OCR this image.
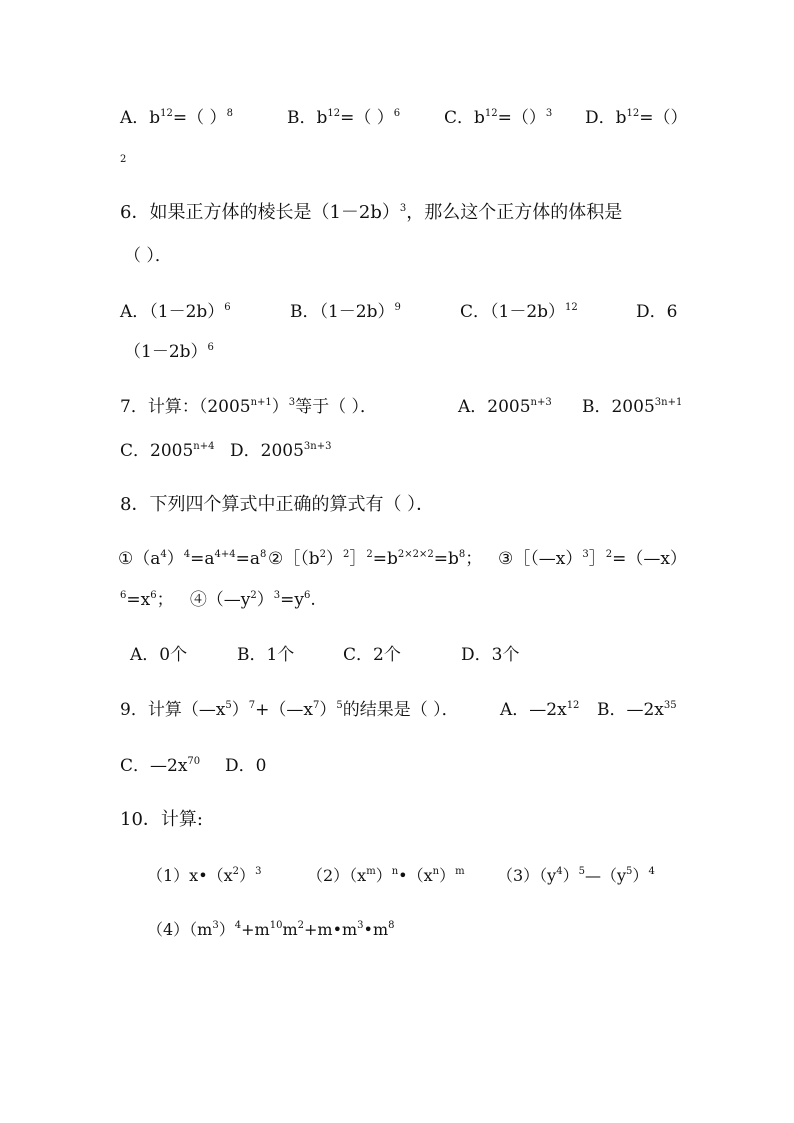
A．$b^{12}=$（ ）$^8$	B．$b^{12}=$（ ）$^6$	C．$b^{12}=()^3$ D．$b^{12}=()$
2
6．如果正方体的棱长是$(1-2b)^3$，那么这个正方体的体积是
（ ）．
A．$(1-2b)^6$	B．$(1-2b)^9$	C．$(1-2b)^{12}$	D．6
$(1-2b)^6$
7．计算：$(2005^{n+1})^3$等于（ ）．	A．$2005^{n+3}$ B．$2005^{3n+1}$
C．$2005^{n+4}$ D．$2005^{3n+3}$
8．下列四个算式中正确的算式有（ ）．
$①(a^4)^4=a^{4+4}=a^8$ $②[(b^2)^2]^2=b^{2\times 2\times 2}=b^8$； ③［（—x）$^3$］$^2$=（—x）
$^6=x^6$； $④(—y^2)^3=y^6$.
A．0个	B．1个	C．2个	D．3个
9．计算$(—x^5)^7+(—x^7)^5$的结果是（ ）． A．$—2x^{12}$ B．$—2x^{35}$
C．$—2x^{70}$ D．0
10．计算:
$(1)x•(x^2)^3$	$(2)(x^m)^n•(x^n)^m$ $(3)(y^4)^5—(y^5)^4$
$(4)(m^3)^4+m^{10}m^2+m•m^3•m^8$
